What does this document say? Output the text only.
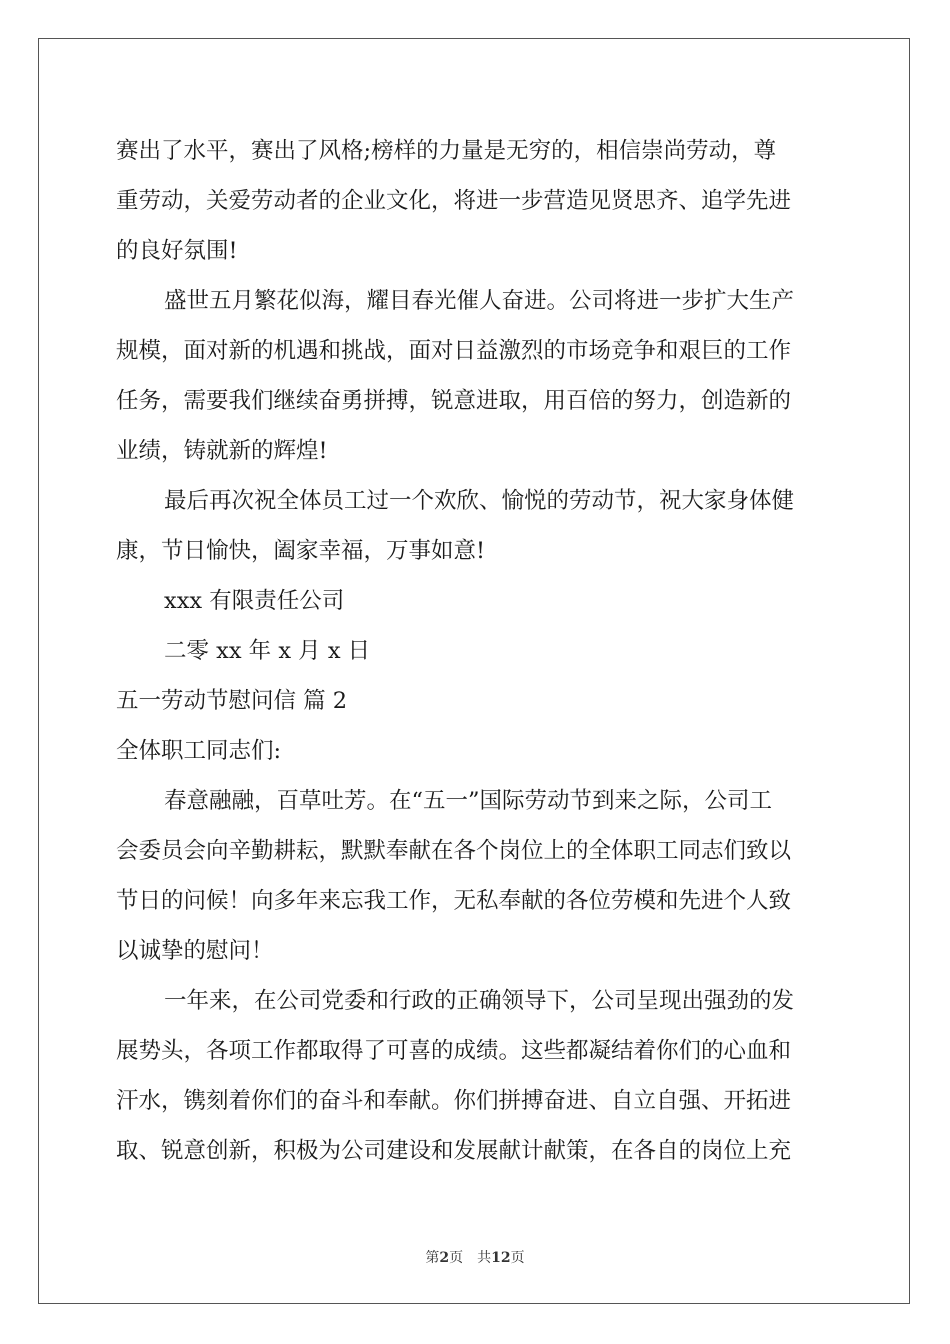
赛出了水平，赛出了风格;榜样的力量是无穷的，相信崇尚劳动，尊
重劳动，关爱劳动者的企业文化，将进一步营造见贤思齐、追学先进
的良好氛围!
盛世五月繁花似海，耀目春光催人奋进。公司将进一步扩大生产
规模，面对新的机遇和挑战，面对日益激烈的市场竞争和艰巨的工作
任务，需要我们继续奋勇拼搏，锐意进取，用百倍的努力，创造新的
业绩，铸就新的辉煌!
最后再次祝全体员工过一个欢欣、愉悦的劳动节，祝大家身体健
康，节日愉快，阖家幸福，万事如意!
xxx 有限责任公司
二零 xx 年 x 月 x 日
五一劳动节慰问信 篇 2
全体职工同志们:
春意融融，百草吐芳。在“五一”国际劳动节到来之际，公司工
会委员会向辛勤耕耘，默默奉献在各个岗位上的全体职工同志们致以
节日的问候！向多年来忘我工作，无私奉献的各位劳模和先进个人致
以诚挚的慰问！
一年来，在公司党委和行政的正确领导下，公司呈现出强劲的发
展势头，各项工作都取得了可喜的成绩。这些都凝结着你们的心血和
汗水，镌刻着你们的奋斗和奉献。你们拼搏奋进、自立自强、开拓进
取、锐意创新，积极为公司建设和发展献计献策，在各自的岗位上充
第2页 共12页
